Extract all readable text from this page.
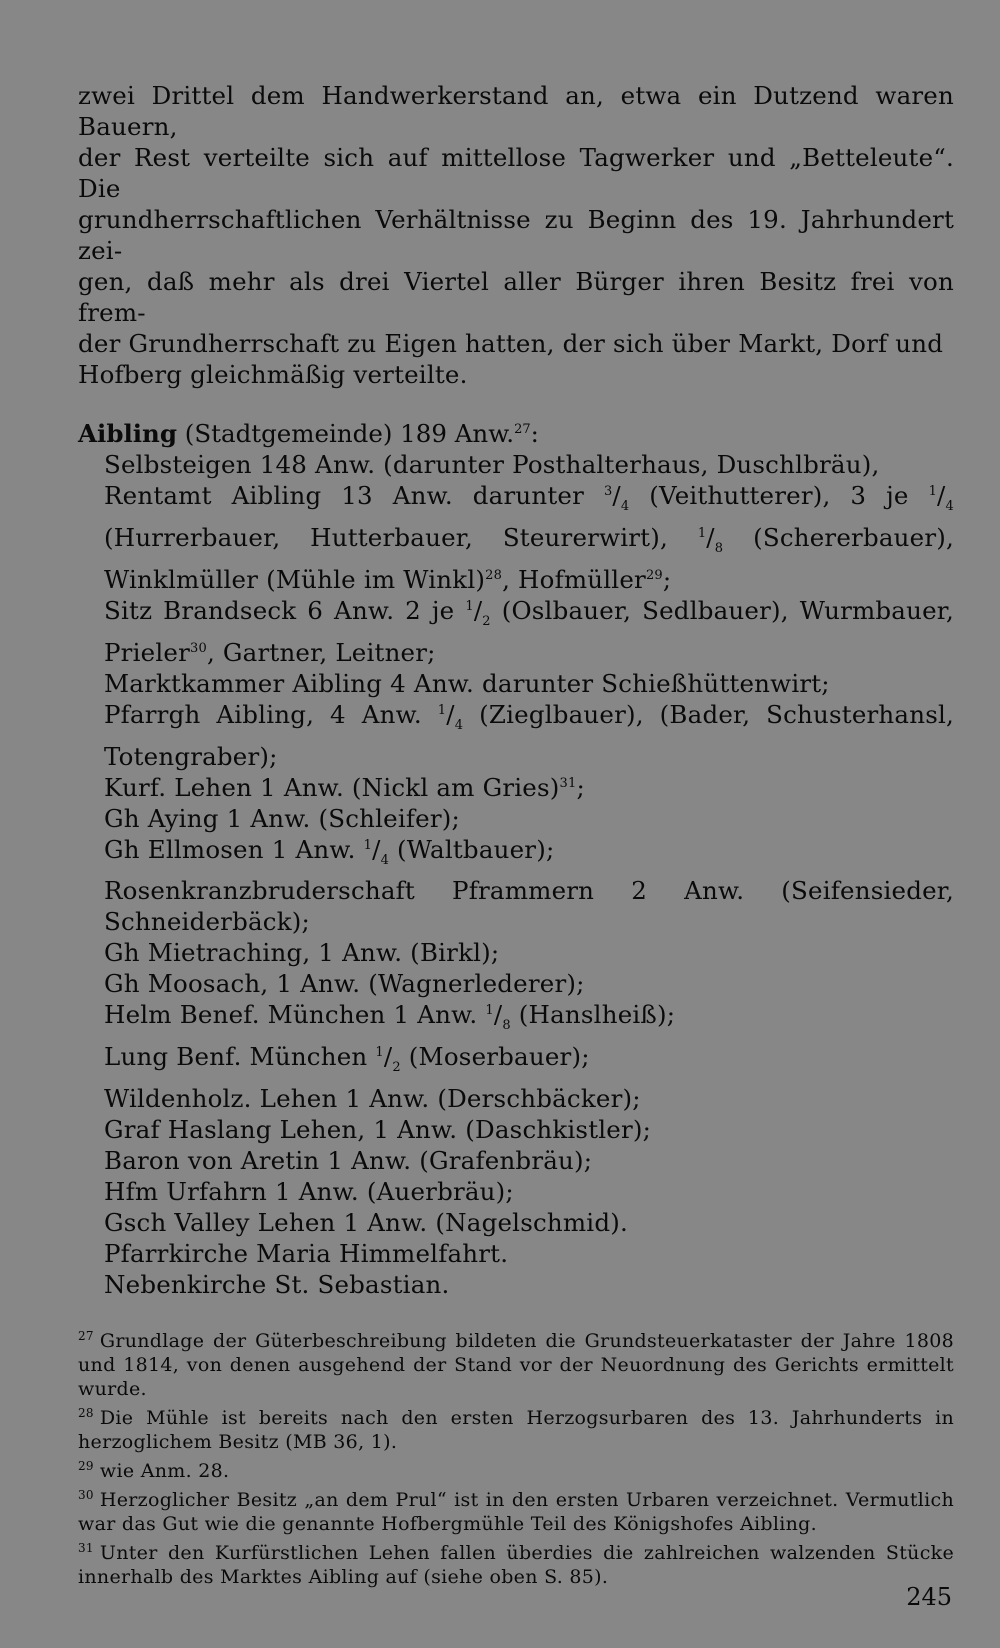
zwei Drittel dem Handwerkerstand an, etwa ein Dutzend waren Bauern,
der Rest verteilte sich auf mittellose Tagwerker und „Betteleute“. Die
grundherrschaftlichen Verhältnisse zu Beginn des 19. Jahrhundert zei-
gen, daß mehr als drei Viertel aller Bürger ihren Besitz frei von frem-
der Grundherrschaft zu Eigen hatten, der sich über Markt, Dorf und
Hofberg gleichmäßig verteilte.

Aibling (Stadtgemeinde) 189 Anw.$^{27}$:

Selbsteigen 148 Anw. (darunter Posthalterhaus, Duschlbräu),
Rentamt Aibling 13 Anw. darunter $^3/_4$ (Veithutterer), 3 je $^1/_4$ (Hurrerbauer, Hutterbauer, Steurerwirt), $^1/_8$ (Schererbauer), Winklmüller (Mühle im Winkl)$^{28}$, Hofmüller$^{29}$;
Sitz Brandseck 6 Anw. 2 je $^1/_2$ (Oslbauer, Sedlbauer), Wurmbauer, Prieler$^{30}$, Gartner, Leitner;
Marktkammer Aibling 4 Anw. darunter Schießhüttenwirt;
Pfarrgh Aibling, 4 Anw. $^1/_4$ (Zieglbauer), (Bader, Schusterhansl, Totengraber);
Kurf. Lehen 1 Anw. (Nickl am Gries)$^{31}$;
Gh Aying 1 Anw. (Schleifer);
Gh Ellmosen 1 Anw. $^1/_4$ (Waltbauer);
Rosenkranzbruderschaft Pframmern 2 Anw. (Seifensieder, Schneiderbäck);
Gh Mietraching, 1 Anw. (Birkl);
Gh Moosach, 1 Anw. (Wagnerlederer);
Helm Benef. München 1 Anw. $^1/_8$ (Hanslheiß);
Lung Benf. München $^1/_2$ (Moserbauer);
Wildenholz. Lehen 1 Anw. (Derschbäcker);
Graf Haslang Lehen, 1 Anw. (Daschkistler);
Baron von Aretin 1 Anw. (Grafenbräu);
Hfm Urfahrn 1 Anw. (Auerbräu);
Gsch Valley Lehen 1 Anw. (Nagelschmid).
Pfarrkirche Maria Himmelfahrt.
Nebenkirche St. Sebastian.

$^{27}$ Grundlage der Güterbeschreibung bildeten die Grundsteuerkataster der Jahre 1808 und 1814, von denen ausgehend der Stand vor der Neuordnung des Gerichts ermittelt wurde.

$^{28}$ Die Mühle ist bereits nach den ersten Herzogsurbaren des 13. Jahrhunderts in herzoglichem Besitz (MB 36, 1).

$^{29}$ wie Anm. 28.

$^{30}$ Herzoglicher Besitz „an dem Prul“ ist in den ersten Urbaren verzeichnet. Vermutlich war das Gut wie die genannte Hofbergmühle Teil des Königshofes Aibling.

$^{31}$ Unter den Kurfürstlichen Lehen fallen überdies die zahlreichen walzenden Stücke innerhalb des Marktes Aibling auf (siehe oben S. 85).

245
